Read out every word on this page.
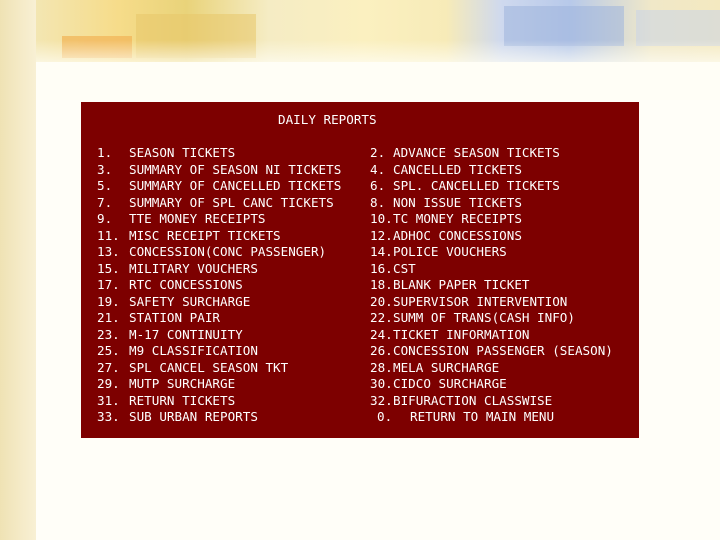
DAILY REPORTS
1. SEASON TICKETS	2. ADVANCE SEASON TICKETS
3. SUMMARY OF SEASON NI TICKETS 4. CANCELLED TICKETS
5. SUMMARY OF CANCELLED TICKETS 6. SPL. CANCELLED TICKETS
7. SUMMARY OF SPL CANC TICKETS	8. NON ISSUE TICKETS
9. TTE MONEY RECEIPTS	10. TC MONEY RECEIPTS
11. MISC RECEIPT TICKETS	12. ADHOC CONCESSIONS
13. CONCESSION(CONC PASSENGER)	14. POLICE VOUCHERS
15. MILITARY VOUCHERS	16. CST
17. RTC CONCESSIONS	18. BLANK PAPER TICKET
19. SAFETY SURCHARGE	20. SUPERVISOR INTERVENTION
21. STATION PAIR	22. SUMM OF TRANS(CASH INFO)
23. M-17 CONTINUITY	24. TICKET INFORMATION
25. M9 CLASSIFICATION	26. CONCESSION PASSENGER (SEASON)
27. SPL CANCEL SEASON TKT	28. MELA SURCHARGE
29. MUTP SURCHARGE	30. CIDCO SURCHARGE
31. RETURN TICKETS	32. BIFURACTION CLASSWISE
33. SUB URBAN REPORTS	0. RETURN TO MAIN MENU
